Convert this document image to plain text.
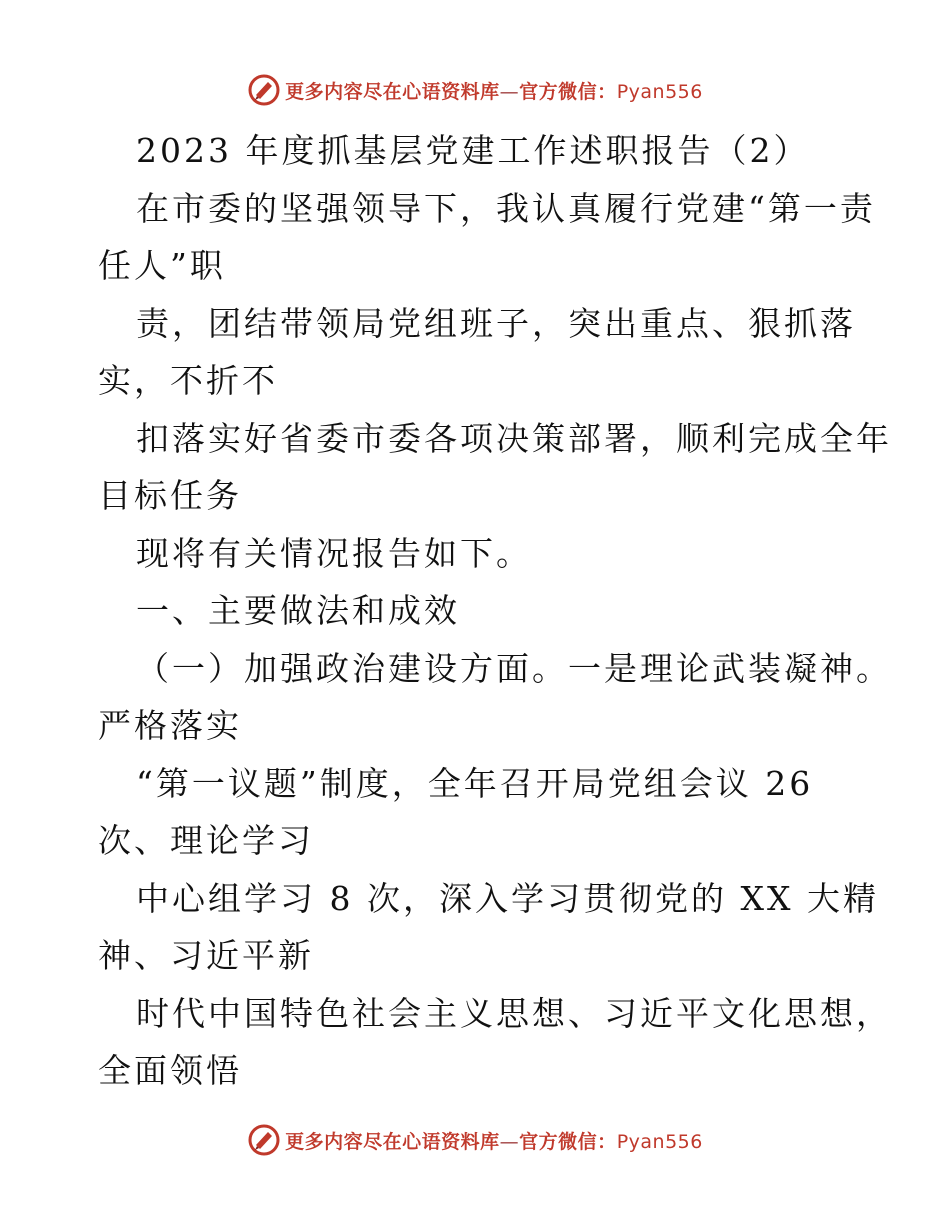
更多内容尽在心语资料库—官方微信：Pyan556
2023 年度抓基层党建工作述职报告（2）
在市委的坚强领导下，我认真履行党建“第一责
任人”职
责，团结带领局党组班子，突出重点、狠抓落
实，不折不
扣落实好省委市委各项决策部署，顺利完成全年
目标任务
现将有关情况报告如下。
一、主要做法和成效
（一）加强政治建设方面。一是理论武装凝神。
严格落实
“第一议题”制度，全年召开局党组会议 26
次、理论学习
中心组学习 8 次，深入学习贯彻党的 XX 大精
神、习近平新
时代中国特色社会主义思想、习近平文化思想，
全面领悟
更多内容尽在心语资料库—官方微信：Pyan556
